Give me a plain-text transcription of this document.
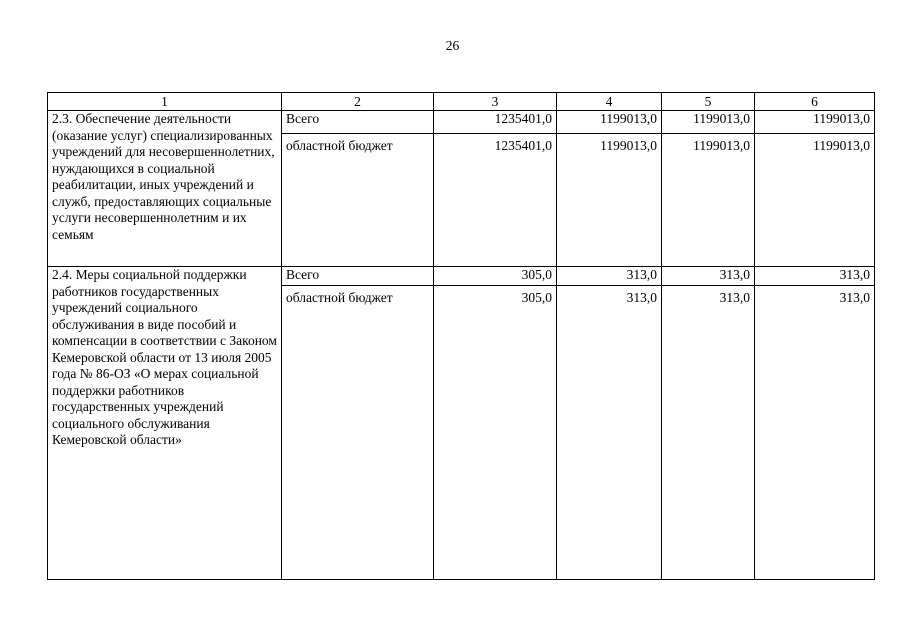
26
1	2	3	4	5	6
2.3. Обеспечение деятельности (оказание услуг) специализированных учреждений для несовершеннолетних, нуждающихся в социальной реабилитации, иных учреждений и служб, предоставляющих социальные услуги несовершеннолетним и их семьям	Всего	1235401,0	1199013,0	1199013,0	1199013,0
	областной бюджет	1235401,0	1199013,0	1199013,0	1199013,0
2.4. Меры социальной поддержки работников государственных учреждений социального обслуживания в виде пособий и компенсации в соответствии с Законом Кемеровской области от 13 июля 2005 года № 86-ОЗ «О мерах социальной поддержки работников государственных учреждений социального обслуживания Кемеровской области»	Всего	305,0	313,0	313,0	313,0
	областной бюджет	305,0	313,0	313,0	313,0
